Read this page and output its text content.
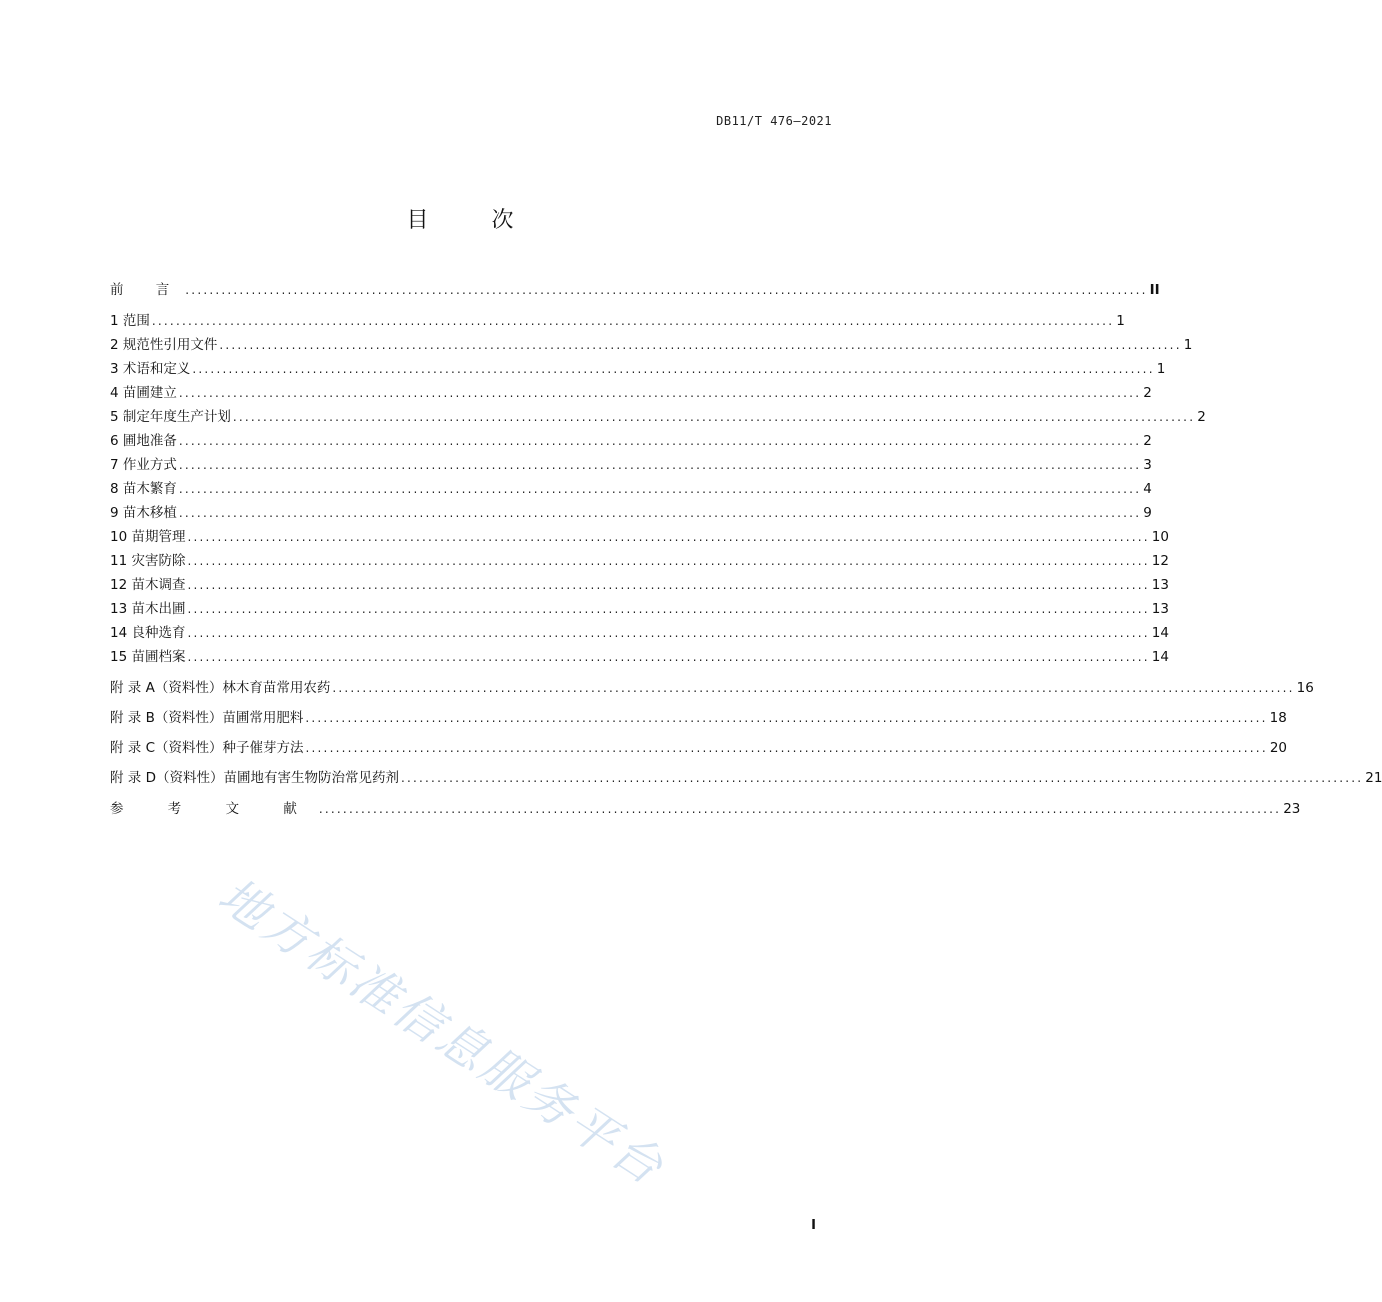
DB11/T 476—2021
目 次
前 言 ................................................................................................................................................................ II
1 范围 ................................................................................................................................................................ 1
2 规范性引用文件 ................................................................................................................................................................ 1
3 术语和定义 ................................................................................................................................................................ 1
4 苗圃建立 ................................................................................................................................................................ 2
5 制定年度生产计划 ................................................................................................................................................................ 2
6 圃地准备 ................................................................................................................................................................ 2
7 作业方式 ................................................................................................................................................................ 3
8 苗木繁育 ................................................................................................................................................................ 4
9 苗木移植 ................................................................................................................................................................ 9
10 苗期管理 ................................................................................................................................................................ 10
11 灾害防除 ................................................................................................................................................................ 12
12 苗木调查 ................................................................................................................................................................ 13
13 苗木出圃 ................................................................................................................................................................ 13
14 良种选育 ................................................................................................................................................................ 14
15 苗圃档案 ................................................................................................................................................................ 14
附 录 A（资料性）林木育苗常用农药 ................................................................................................................................................................ 16
附 录 B（资料性）苗圃常用肥料 ................................................................................................................................................................ 18
附 录 C（资料性）种子催芽方法 ................................................................................................................................................................ 20
附 录 D（资料性）苗圃地有害生物防治常见药剂 ................................................................................................................................................................ 21
参 考 文 献 ................................................................................................................................................................ 23
地方标准信息服务平台
I
